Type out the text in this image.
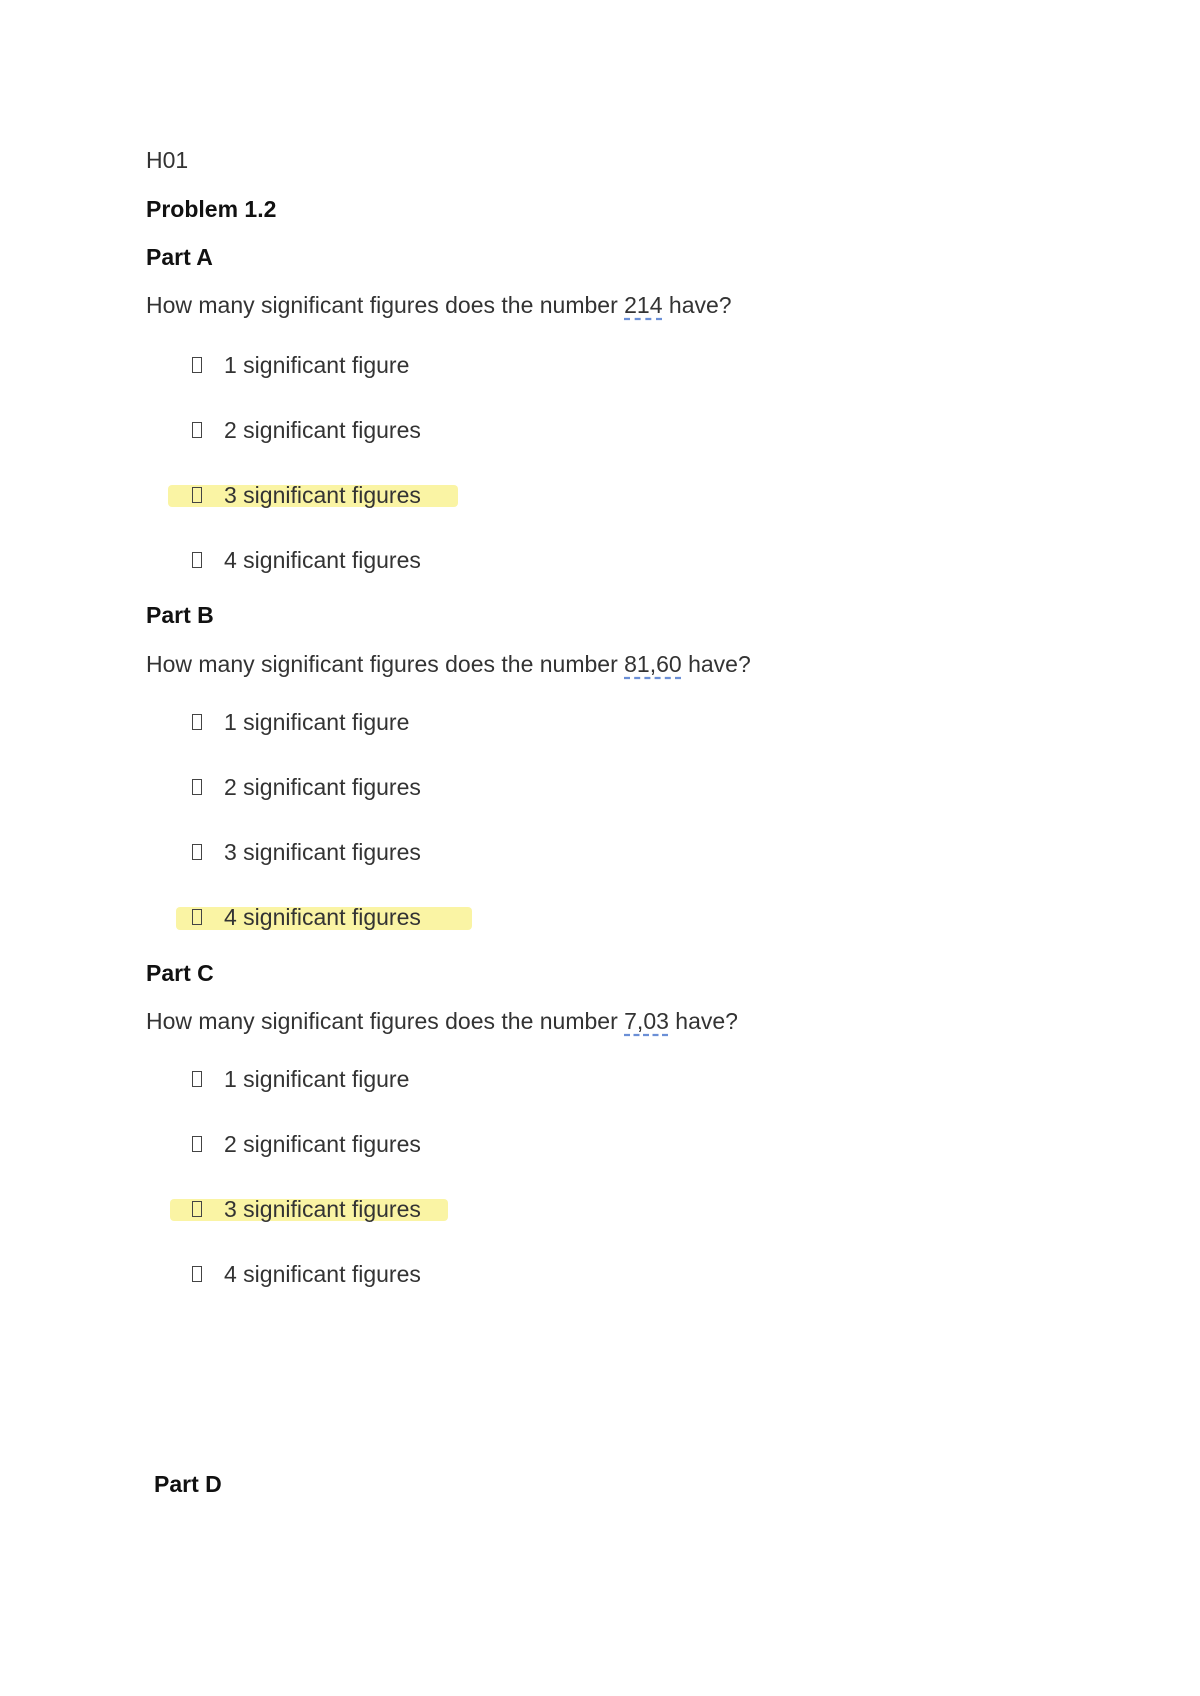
H01
Problem 1.2
Part A
How many significant figures does the number 214 have?
1 significant figure
2 significant figures
3 significant figures
4 significant figures
Part B
How many significant figures does the number 81,60 have?
1 significant figure
2 significant figures
3 significant figures
4 significant figures
Part C
How many significant figures does the number 7,03 have?
1 significant figure
2 significant figures
3 significant figures
4 significant figures
Part D
